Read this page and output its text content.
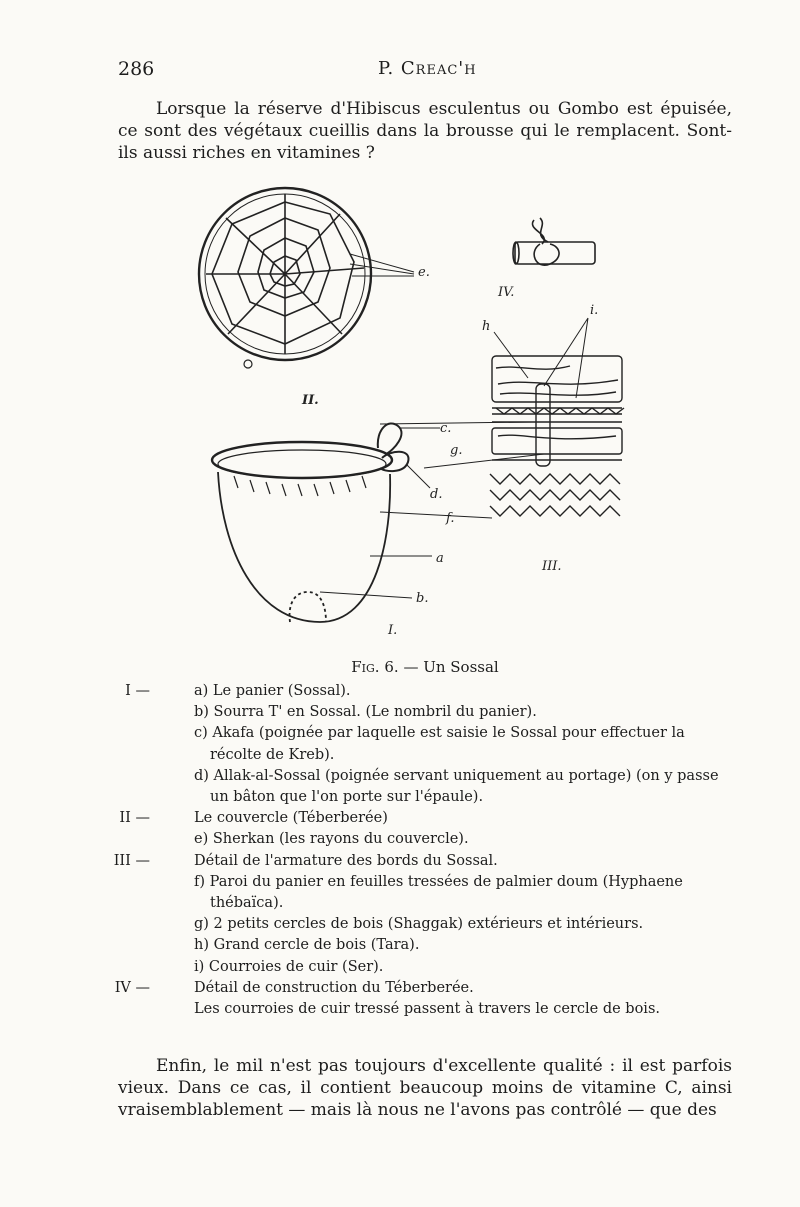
286	P. Creac'h

Lorsque la réserve d'Hibiscus esculentus ou Gombo est épuisée, ce sont des végétaux cueillis dans la brousse qui le remplacent. Sont-ils aussi riches en vitamines ?

e.
II.
IV.
h
i.
III.
c.
g.
d.
f.
a
b.
I.
Fig. 6. — Un Sossal
I —	a) Le panier (Sossal).
b) Sourra T' en Sossal. (Le nombril du panier).
c) Akafa (poignée par laquelle est saisie le Sossal pour effectuer la
récolte de Kreb).
d) Allak-al-Sossal (poignée servant uniquement au portage) (on y passe
un bâton que l'on porte sur l'épaule).
II —	Le couvercle (Téberberée)
e) Sherkan (les rayons du couvercle).
III —	Détail de l'armature des bords du Sossal.
f) Paroi du panier en feuilles tressées de palmier doum (Hyphaene
thébaïca).
g) 2 petits cercles de bois (Shaggak) extérieurs et intérieurs.
h) Grand cercle de bois (Tara).
i) Courroies de cuir (Ser).
IV —	Détail de construction du Téberberée.
Les courroies de cuir tressé passent à travers le cercle de bois.

Enfin, le mil n'est pas toujours d'excellente qualité : il est parfois vieux. Dans ce cas, il contient beaucoup moins de vitamine C, ainsi vraisemblablement — mais là nous ne l'avons pas contrôlé — que des
